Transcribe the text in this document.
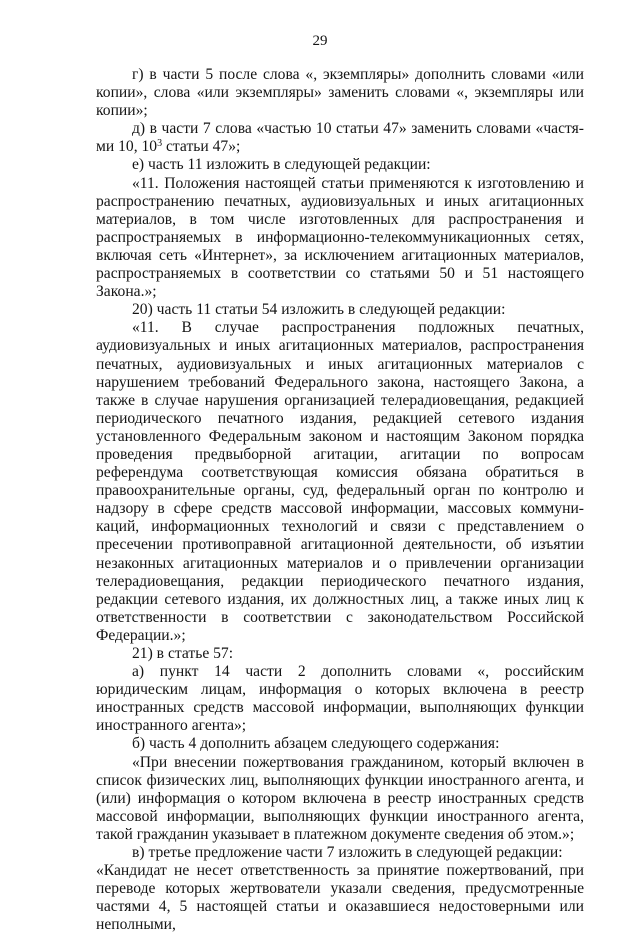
29

г) в части 5 после слова «, экземпляры» дополнить словами «или копии», слова «или экземпляры» заменить словами «, экземпляры или копии»;

д) в части 7 слова «частью 10 статьи 47» заменить словами «частями 10, $10^3$ статьи 47»;

е) часть 11 изложить в следующей редакции:

«11. Положения настоящей статьи применяются к изготовлению и распространению печатных, аудиовизуальных и иных агитационных материалов, в том числе изготовленных для распространения и распространяемых в информационно-телекоммуникационных сетях, включая сеть «Интернет», за исключением агитационных материалов, распространяемых в соответствии со статьями 50 и 51 настоящего Закона.»;

20) часть 11 статьи 54 изложить в следующей редакции:

«11. В случае распространения подложных печатных, аудиовизуальных и иных агитационных материалов, распространения печатных, аудиовизуальных и иных агитационных материалов с нарушением требований Федерального закона, настоящего Закона, а также в случае нарушения организацией телерадиовещания, редакцией периодического печатного издания, редакцией сетевого издания установленного Федеральным законом и настоящим Законом порядка проведения предвыборной агитации, агитации по вопросам референдума соответствующая комиссия обязана обратиться в правоохранительные органы, суд, федеральный орган по контролю и надзору в сфере средств массовой информации, массовых коммуникаций, информационных технологий и связи с представлением о пресечении противоправной агитационной деятельности, об изъятии незаконных агитационных материалов и о привлечении организации телерадиовещания, редакции периодического печатного издания, редакции сетевого издания, их должностных лиц, а также иных лиц к ответственности в соответствии с законодательством Российской Федерации.»;

21) в статье 57:

а) пункт 14 части 2 дополнить словами «, российским юридическим лицам, информация о которых включена в реестр иностранных средств массовой информации, выполняющих функции иностранного агента»;

б) часть 4 дополнить абзацем следующего содержания:

«При внесении пожертвования гражданином, который включен в список физических лиц, выполняющих функции иностранного агента, и (или) информация о котором включена в реестр иностранных средств массовой информации, выполняющих функции иностранного агента, такой гражданин указывает в платежном документе сведения об этом.»;

в) третье предложение части 7 изложить в следующей редакции:

«Кандидат не несет ответственность за принятие пожертвований, при переводе которых жертвователи указали сведения, предусмотренные частями 4, 5 настоящей статьи и оказавшиеся недостоверными или неполными,
